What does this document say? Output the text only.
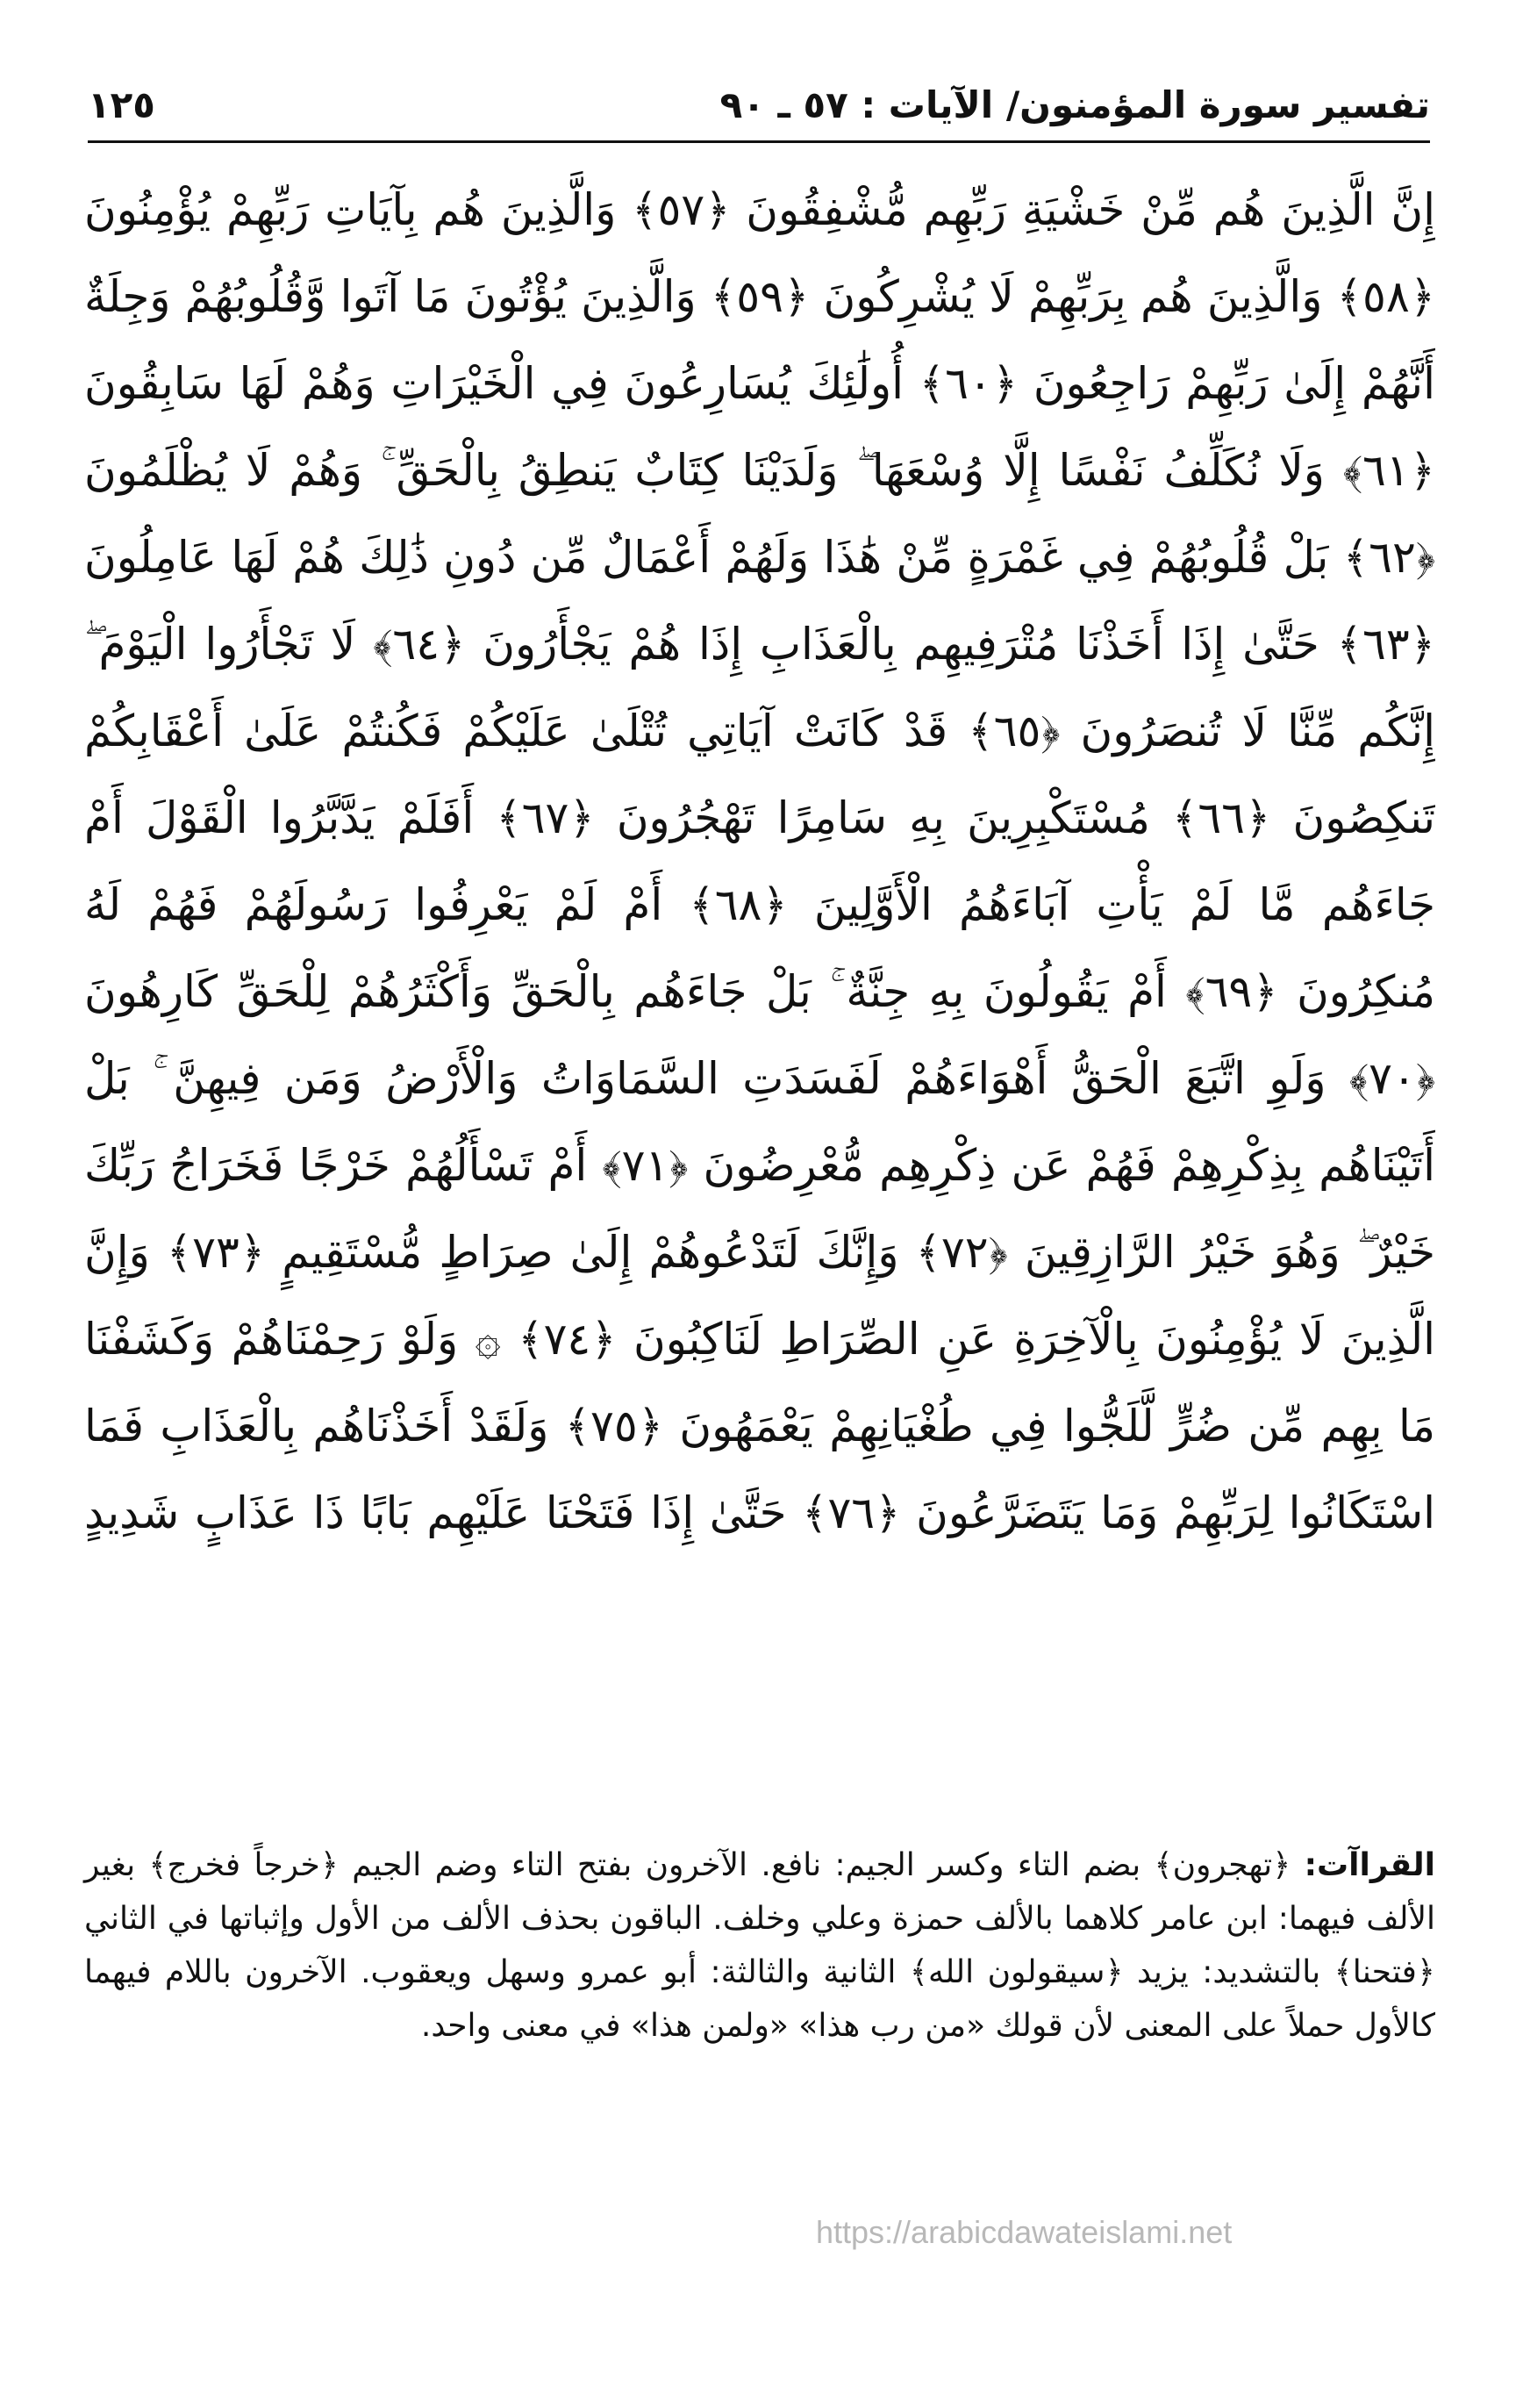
تفسير سورة المؤمنون/ الآيات : ٥٧ ـ ٩٠
١٢٥
إِنَّ الَّذِينَ هُم مِّنْ خَشْيَةِ رَبِّهِم مُّشْفِقُونَ ﴿٥٧﴾ وَالَّذِينَ هُم بِآيَاتِ رَبِّهِمْ يُؤْمِنُونَ ﴿٥٨﴾ وَالَّذِينَ هُم بِرَبِّهِمْ لَا يُشْرِكُونَ ﴿٥٩﴾ وَالَّذِينَ يُؤْتُونَ مَا آتَوا وَّقُلُوبُهُمْ وَجِلَةٌ أَنَّهُمْ إِلَىٰ رَبِّهِمْ رَاجِعُونَ ﴿٦٠﴾ أُولَٰئِكَ يُسَارِعُونَ فِي الْخَيْرَاتِ وَهُمْ لَهَا سَابِقُونَ ﴿٦١﴾ وَلَا نُكَلِّفُ نَفْسًا إِلَّا وُسْعَهَا ۖ وَلَدَيْنَا كِتَابٌ يَنطِقُ بِالْحَقِّ ۚ وَهُمْ لَا يُظْلَمُونَ ﴿٦٢﴾ بَلْ قُلُوبُهُمْ فِي غَمْرَةٍ مِّنْ هَٰذَا وَلَهُمْ أَعْمَالٌ مِّن دُونِ ذَٰلِكَ هُمْ لَهَا عَامِلُونَ ﴿٦٣﴾ حَتَّىٰ إِذَا أَخَذْنَا مُتْرَفِيهِم بِالْعَذَابِ إِذَا هُمْ يَجْأَرُونَ ﴿٦٤﴾ لَا تَجْأَرُوا الْيَوْمَ ۖ إِنَّكُم مِّنَّا لَا تُنصَرُونَ ﴿٦٥﴾ قَدْ كَانَتْ آيَاتِي تُتْلَىٰ عَلَيْكُمْ فَكُنتُمْ عَلَىٰ أَعْقَابِكُمْ تَنكِصُونَ ﴿٦٦﴾ مُسْتَكْبِرِينَ بِهِ سَامِرًا تَهْجُرُونَ ﴿٦٧﴾ أَفَلَمْ يَدَّبَّرُوا الْقَوْلَ أَمْ جَاءَهُم مَّا لَمْ يَأْتِ آبَاءَهُمُ الْأَوَّلِينَ ﴿٦٨﴾ أَمْ لَمْ يَعْرِفُوا رَسُولَهُمْ فَهُمْ لَهُ مُنكِرُونَ ﴿٦٩﴾ أَمْ يَقُولُونَ بِهِ جِنَّةٌ ۚ بَلْ جَاءَهُم بِالْحَقِّ وَأَكْثَرُهُمْ لِلْحَقِّ كَارِهُونَ ﴿٧٠﴾ وَلَوِ اتَّبَعَ الْحَقُّ أَهْوَاءَهُمْ لَفَسَدَتِ السَّمَاوَاتُ وَالْأَرْضُ وَمَن فِيهِنَّ ۚ بَلْ أَتَيْنَاهُم بِذِكْرِهِمْ فَهُمْ عَن ذِكْرِهِم مُّعْرِضُونَ ﴿٧١﴾ أَمْ تَسْأَلُهُمْ خَرْجًا فَخَرَاجُ رَبِّكَ خَيْرٌ ۖ وَهُوَ خَيْرُ الرَّازِقِينَ ﴿٧٢﴾ وَإِنَّكَ لَتَدْعُوهُمْ إِلَىٰ صِرَاطٍ مُّسْتَقِيمٍ ﴿٧٣﴾ وَإِنَّ الَّذِينَ لَا يُؤْمِنُونَ بِالْآخِرَةِ عَنِ الصِّرَاطِ لَنَاكِبُونَ ﴿٧٤﴾ ۞ وَلَوْ رَحِمْنَاهُمْ وَكَشَفْنَا مَا بِهِم مِّن ضُرٍّ لَّلَجُّوا فِي طُغْيَانِهِمْ يَعْمَهُونَ ﴿٧٥﴾ وَلَقَدْ أَخَذْنَاهُم بِالْعَذَابِ فَمَا اسْتَكَانُوا لِرَبِّهِمْ وَمَا يَتَضَرَّعُونَ ﴿٧٦﴾ حَتَّىٰ إِذَا فَتَحْنَا عَلَيْهِم بَابًا ذَا عَذَابٍ شَدِيدٍ
القراآت: ﴿تهجرون﴾ بضم التاء وكسر الجيم: نافع. الآخرون بفتح التاء وضم الجيم ﴿خرجاً فخرج﴾ بغير الألف فيهما: ابن عامر كلاهما بالألف حمزة وعلي وخلف. الباقون بحذف الألف من الأول وإثباتها في الثاني ﴿فتحنا﴾ بالتشديد: يزيد ﴿سيقولون الله﴾ الثانية والثالثة: أبو عمرو وسهل ويعقوب. الآخرون باللام فيهما كالأول حملاً على المعنى لأن قولك «من رب هذا» «ولمن هذا» في معنى واحد.
https://arabicdawateislami.net
